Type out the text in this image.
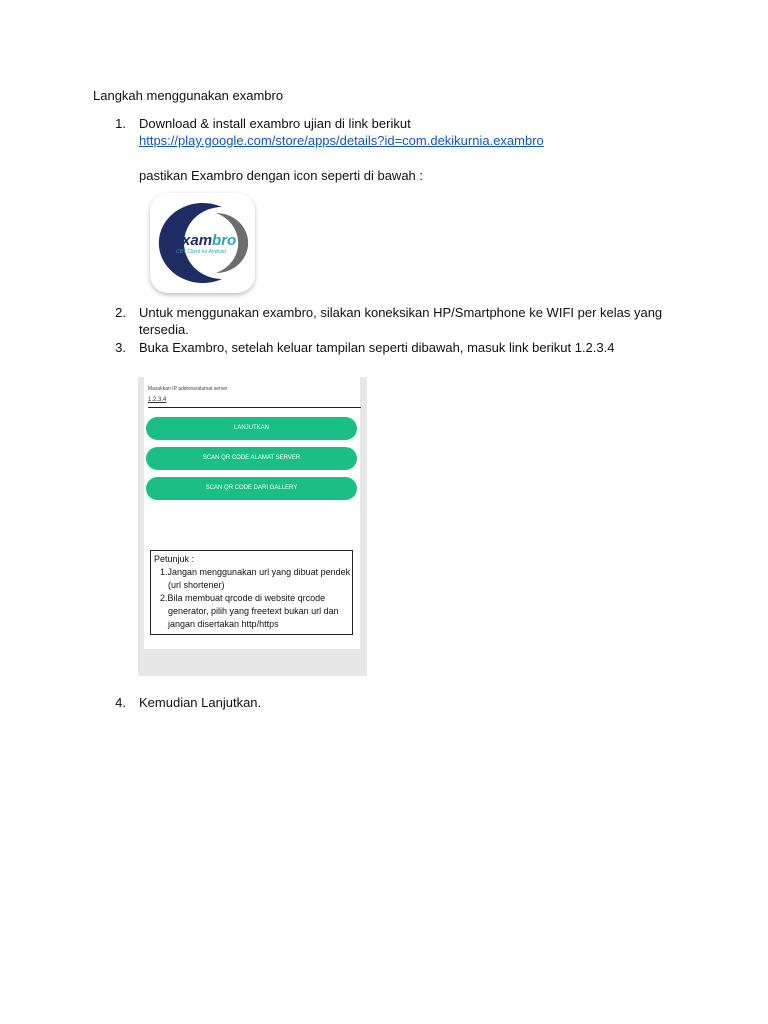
Langkah menggunakan exambro
1. Download & install exambro ujian di link berikut
https://play.google.com/store/apps/details?id=com.dekikurnia.exambro
pastikan Exambro dengan icon seperti di bawah :
Exambro
CBT Client for Android
2. Untuk menggunakan exambro, silakan koneksikan HP/Smartphone ke WIFI per kelas yang
tersedia.
3. Buka Exambro, setelah keluar tampilan seperti dibawah, masuk link berikut 1.2.3.4
Masukkan IP address/alamat server
1.2.3.4
LANJUTKAN
SCAN QR CODE ALAMAT SERVER
SCAN QR CODE DARI GALLERY
Petunjuk :
1.Jangan menggunakan url yang dibuat pendek
(url shortener)
2.Bila membuat qrcode di website qrcode
generator, pilih yang freetext bukan url dan
jangan disertakan http/https
4. Kemudian Lanjutkan.
